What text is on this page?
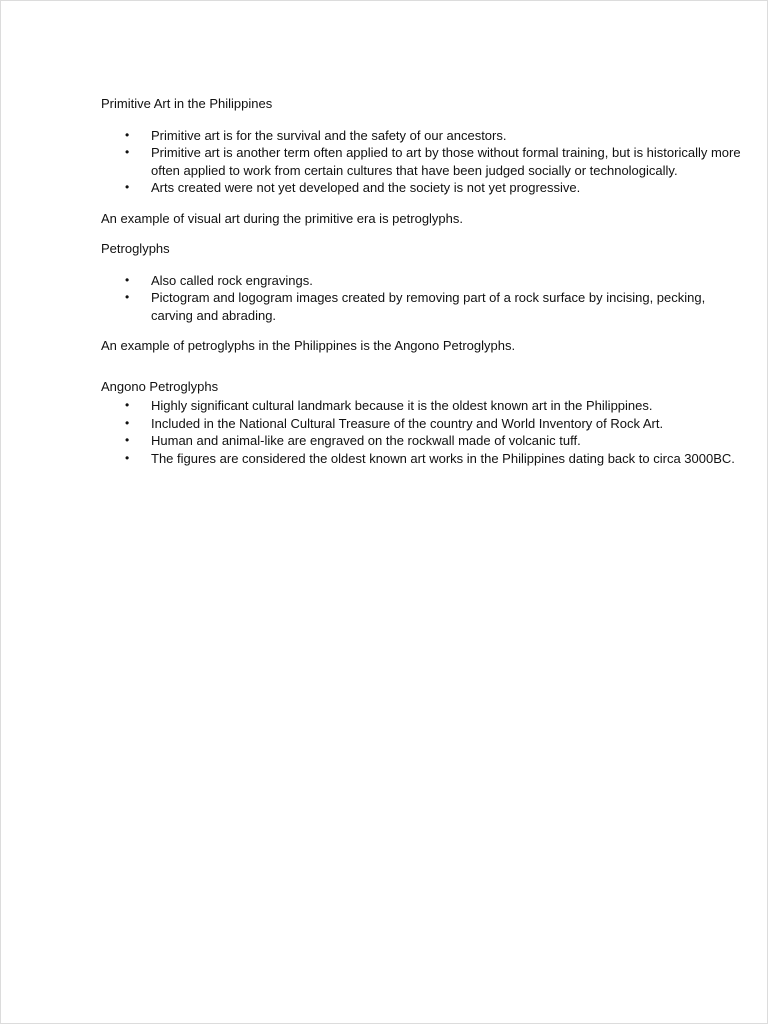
Primitive Art in the Philippines

• Primitive art is for the survival and the safety of our ancestors.
• Primitive art is another term often applied to art by those without formal training, but is historically more often applied to work from certain cultures that have been judged socially or technologically.
• Arts created were not yet developed and the society is not yet progressive.

An example of visual art during the primitive era is petroglyphs.

Petroglyphs

• Also called rock engravings.
• Pictogram and logogram images created by removing part of a rock surface by incising, pecking, carving and abrading.

An example of petroglyphs in the Philippines is the Angono Petroglyphs.

Angono Petroglyphs

• Highly significant cultural landmark because it is the oldest known art in the Philippines.
• Included in the National Cultural Treasure of the country and World Inventory of Rock Art.
• Human and animal-like are engraved on the rockwall made of volcanic tuff.
• The figures are considered the oldest known art works in the Philippines dating back to circa 3000BC.
